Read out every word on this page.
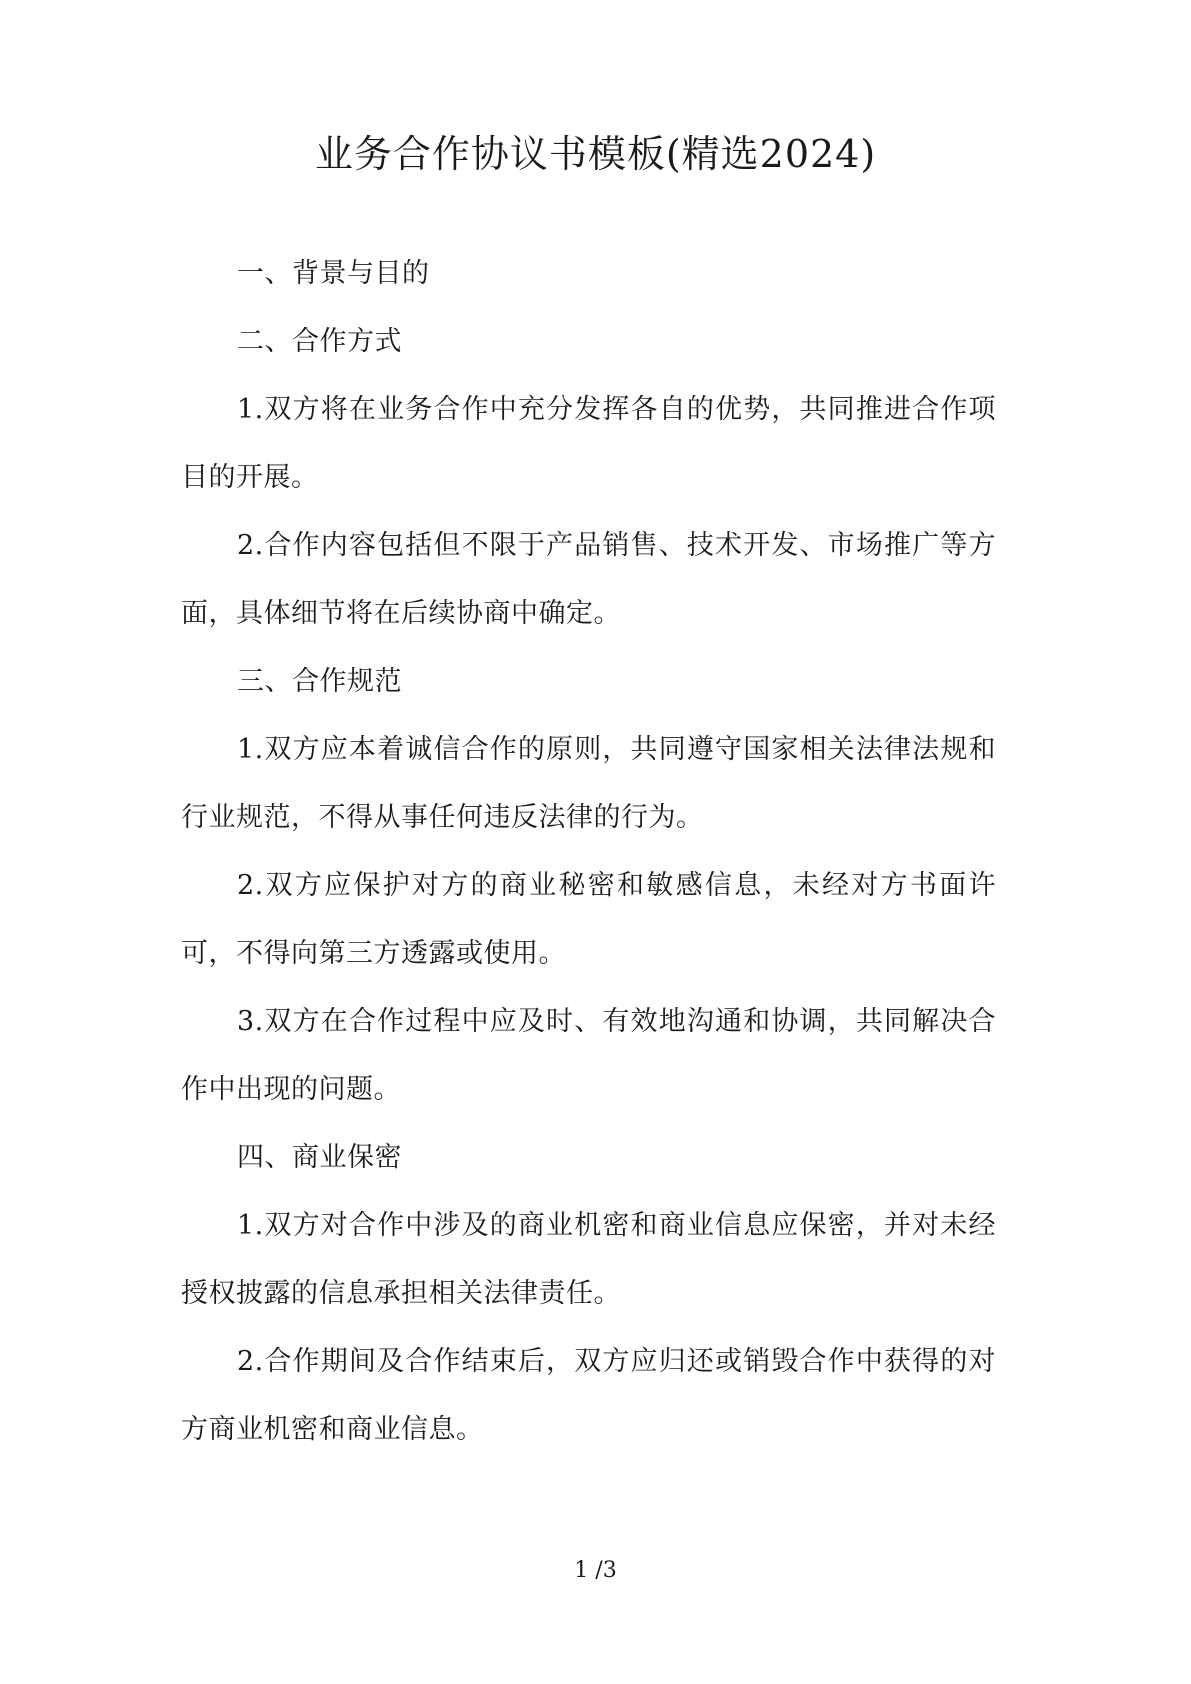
业务合作协议书模板(精选2024)

一、背景与目的

二、合作方式

1.双方将在业务合作中充分发挥各自的优势，共同推进合作项目的开展。

2.合作内容包括但不限于产品销售、技术开发、市场推广等方面，具体细节将在后续协商中确定。

三、合作规范

1.双方应本着诚信合作的原则，共同遵守国家相关法律法规和行业规范，不得从事任何违反法律的行为。

2.双方应保护对方的商业秘密和敏感信息，未经对方书面许可，不得向第三方透露或使用。

3.双方在合作过程中应及时、有效地沟通和协调，共同解决合作中出现的问题。

四、商业保密

1.双方对合作中涉及的商业机密和商业信息应保密，并对未经授权披露的信息承担相关法律责任。

2.合作期间及合作结束后，双方应归还或销毁合作中获得的对方商业机密和商业信息。

1 /3
